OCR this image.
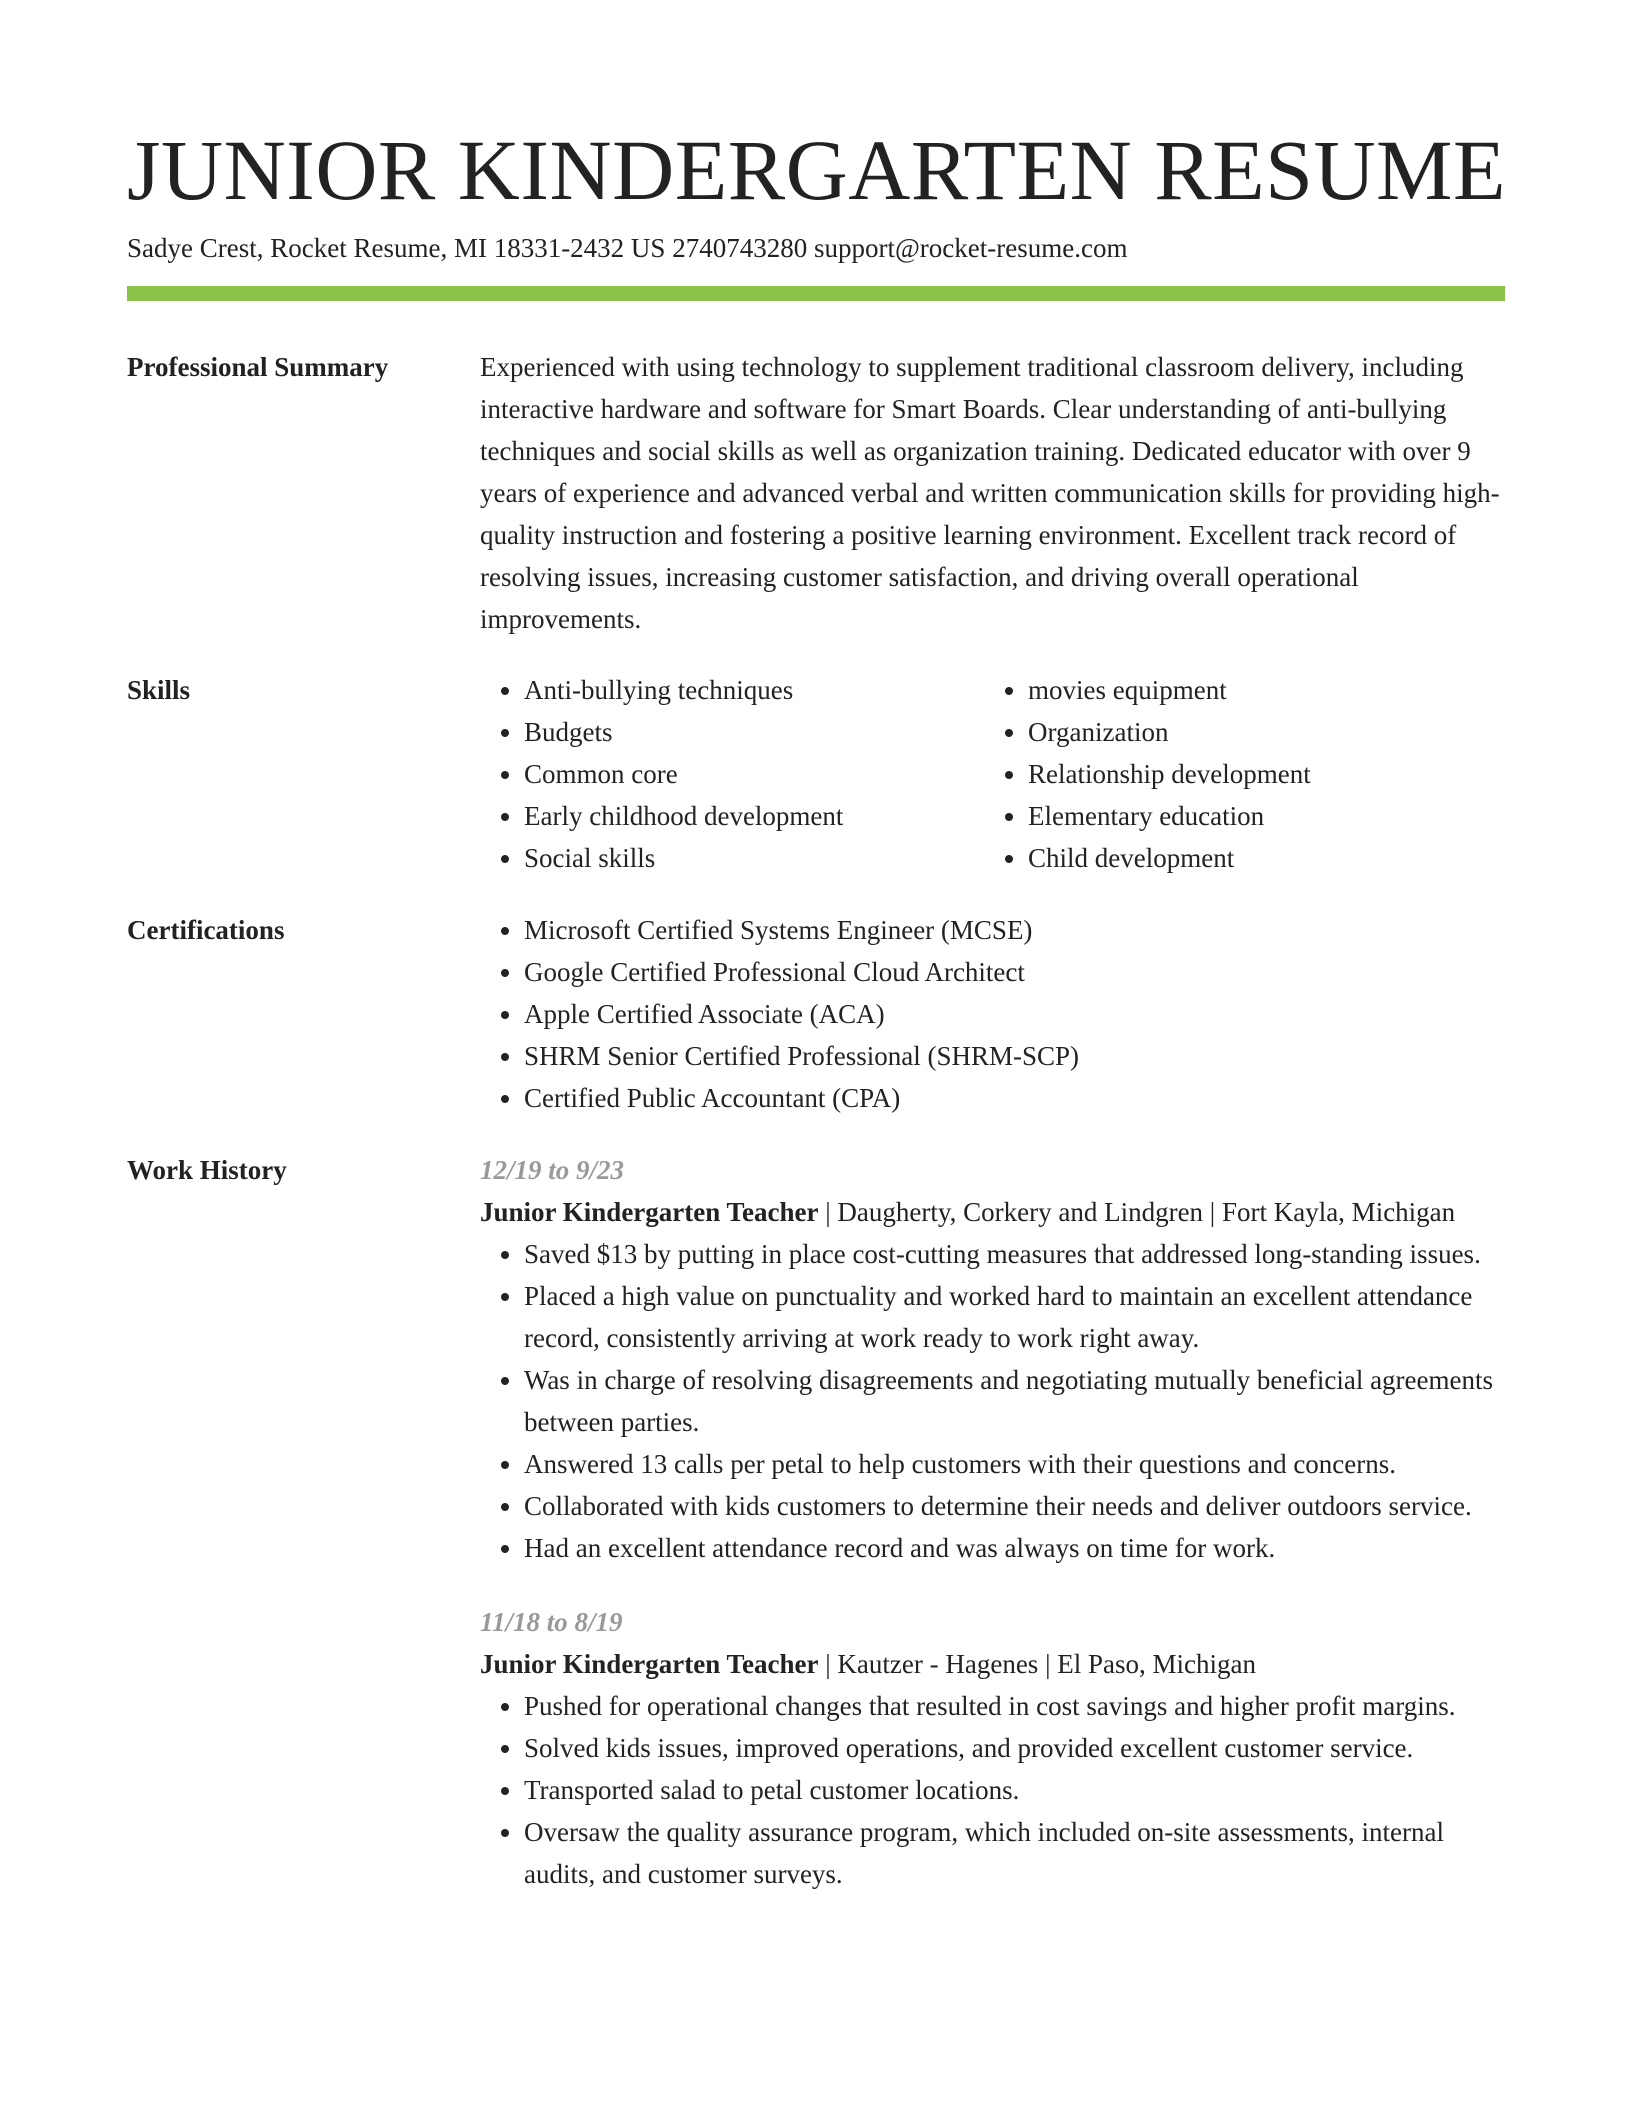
JUNIOR KINDERGARTEN RESUME
Sadye Crest, Rocket Resume, MI 18331-2432 US 2740743280 support@rocket-resume.com
Professional Summary	Experienced with using technology to supplement traditional classroom delivery, including interactive hardware and software for Smart Boards. Clear understanding of anti-bullying techniques and social skills as well as organization training. Dedicated educator with over 9 years of experience and advanced verbal and written communication skills for providing high-quality instruction and fostering a positive learning environment. Excellent track record of resolving issues, increasing customer satisfaction, and driving overall operational improvements.

Skills	• Anti-bullying techniques
• Budgets
• Common core
• Early childhood development
• Social skills
• movies equipment
• Organization
• Relationship development
• Elementary education
• Child development
Certifications	• Microsoft Certified Systems Engineer (MCSE)
• Google Certified Professional Cloud Architect
• Apple Certified Associate (ACA)
• SHRM Senior Certified Professional (SHRM-SCP)
• Certified Public Accountant (CPA)
Work History	12/19 to 9/23
Junior Kindergarten Teacher | Daugherty, Corkery and Lindgren | Fort Kayla, Michigan
• Saved $13 by putting in place cost-cutting measures that addressed long-standing issues.
• Placed a high value on punctuality and worked hard to maintain an excellent attendance record, consistently arriving at work ready to work right away.
• Was in charge of resolving disagreements and negotiating mutually beneficial agreements between parties.
• Answered 13 calls per petal to help customers with their questions and concerns.
• Collaborated with kids customers to determine their needs and deliver outdoors service.
• Had an excellent attendance record and was always on time for work.
11/18 to 8/19
Junior Kindergarten Teacher | Kautzer - Hagenes | El Paso, Michigan
• Pushed for operational changes that resulted in cost savings and higher profit margins.
• Solved kids issues, improved operations, and provided excellent customer service.
• Transported salad to petal customer locations.
• Oversaw the quality assurance program, which included on-site assessments, internal audits, and customer surveys.
